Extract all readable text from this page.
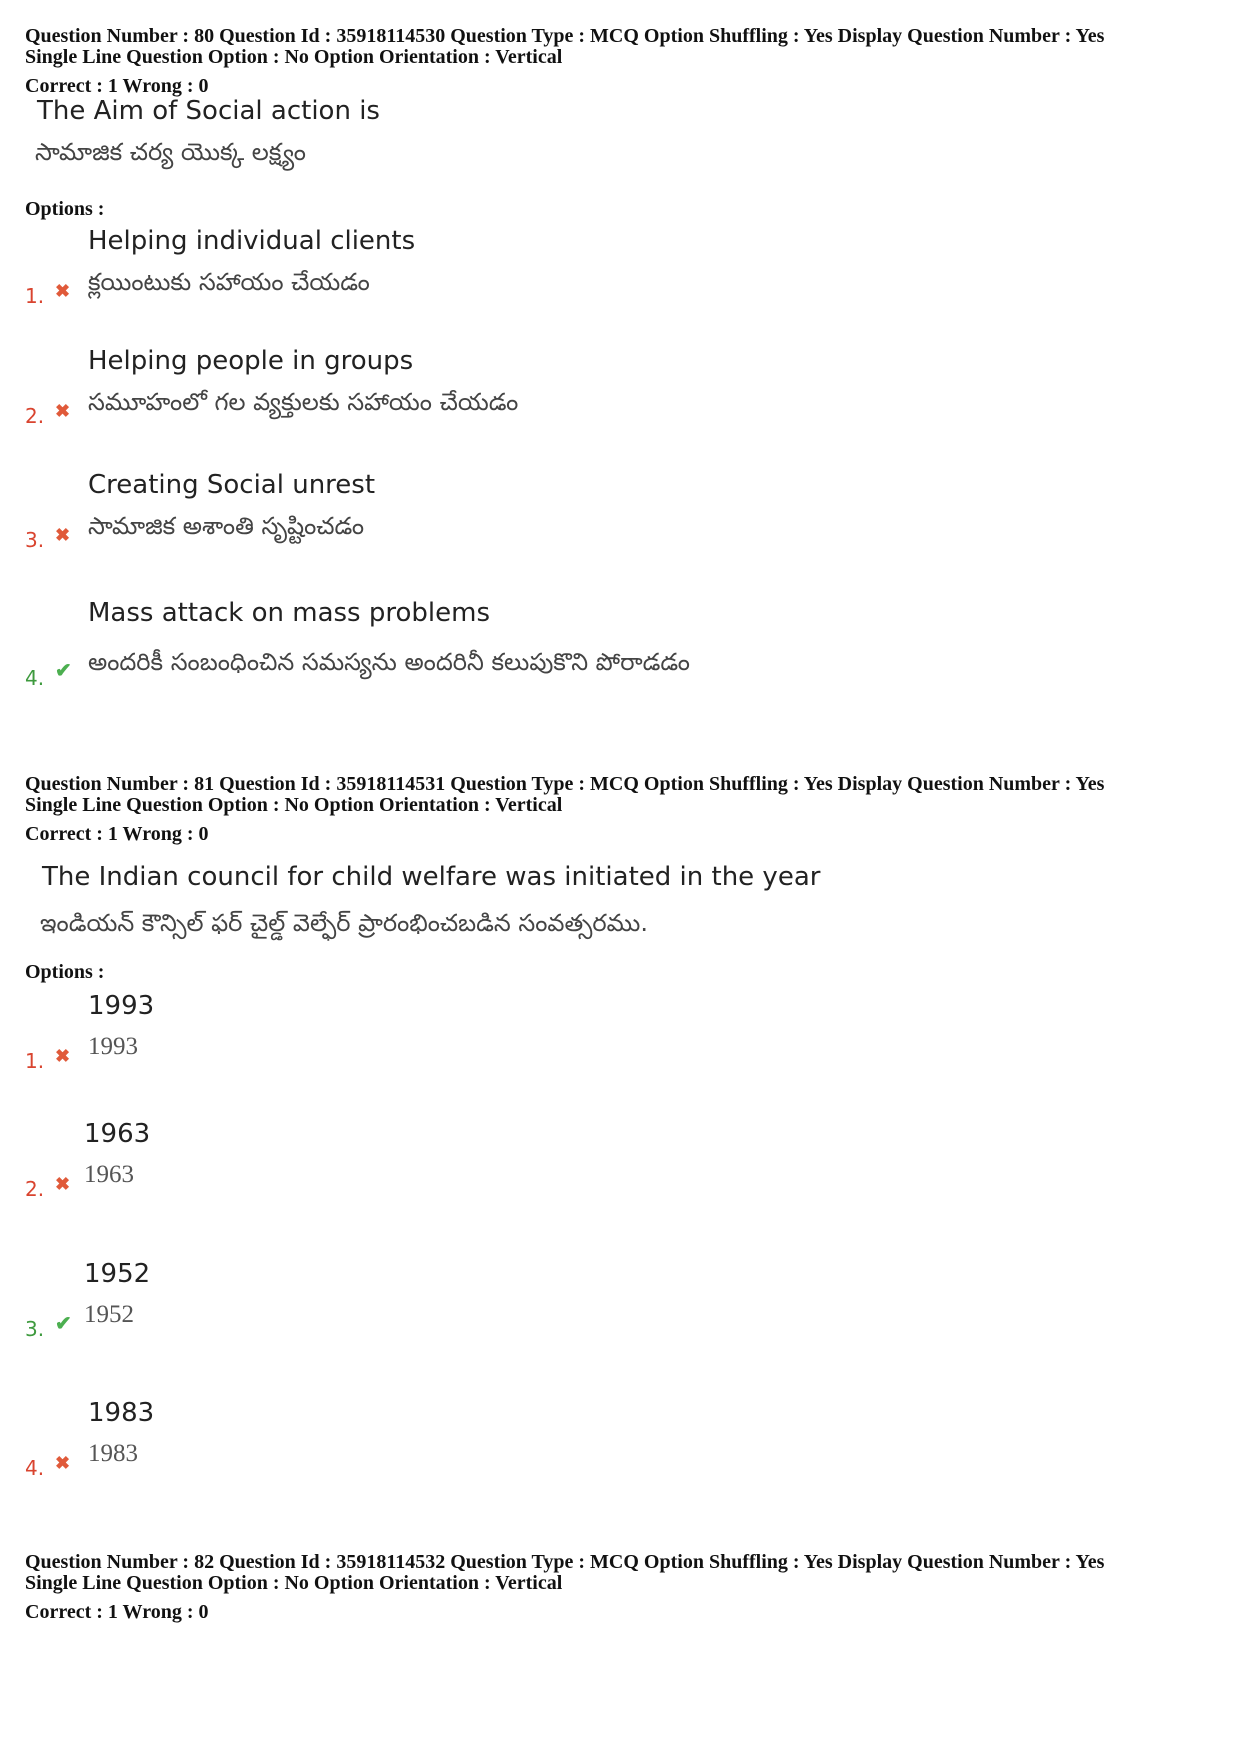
Question Number : 80 Question Id : 35918114530 Question Type : MCQ Option Shuffling : Yes Display Question Number : Yes
Single Line Question Option : No Option Orientation : Vertical
Correct : 1 Wrong : 0
The Aim of Social action is
సామాజిక చర్య యొక్క లక్ష్యం
Options :
Helping individual clients
క్లయింటుకు సహాయం చేయడం
1. ✖
Helping people in groups
సమూహంలో గల వ్యక్తులకు సహాయం చేయడం
2. ✖
Creating Social unrest
సామాజిక అశాంతి సృష్టించడం
3. ✖
Mass attack on mass problems
అందరికీ సంబంధించిన సమస్యను అందరినీ కలుపుకొని పోరాడడం
4. ✔
Question Number : 81 Question Id : 35918114531 Question Type : MCQ Option Shuffling : Yes Display Question Number : Yes
Single Line Question Option : No Option Orientation : Vertical
Correct : 1 Wrong : 0
The Indian council for child welfare was initiated in the year
ఇండియన్ కౌన్సిల్ ఫర్ చైల్డ్ వెల్ఫేర్ ప్రారంభించబడిన సంవత్సరము.
Options :
1993
1993
1. ✖
1963
1963
2. ✖
1952
1952
3. ✔
1983
1983
4. ✖
Question Number : 82 Question Id : 35918114532 Question Type : MCQ Option Shuffling : Yes Display Question Number : Yes
Single Line Question Option : No Option Orientation : Vertical
Correct : 1 Wrong : 0
